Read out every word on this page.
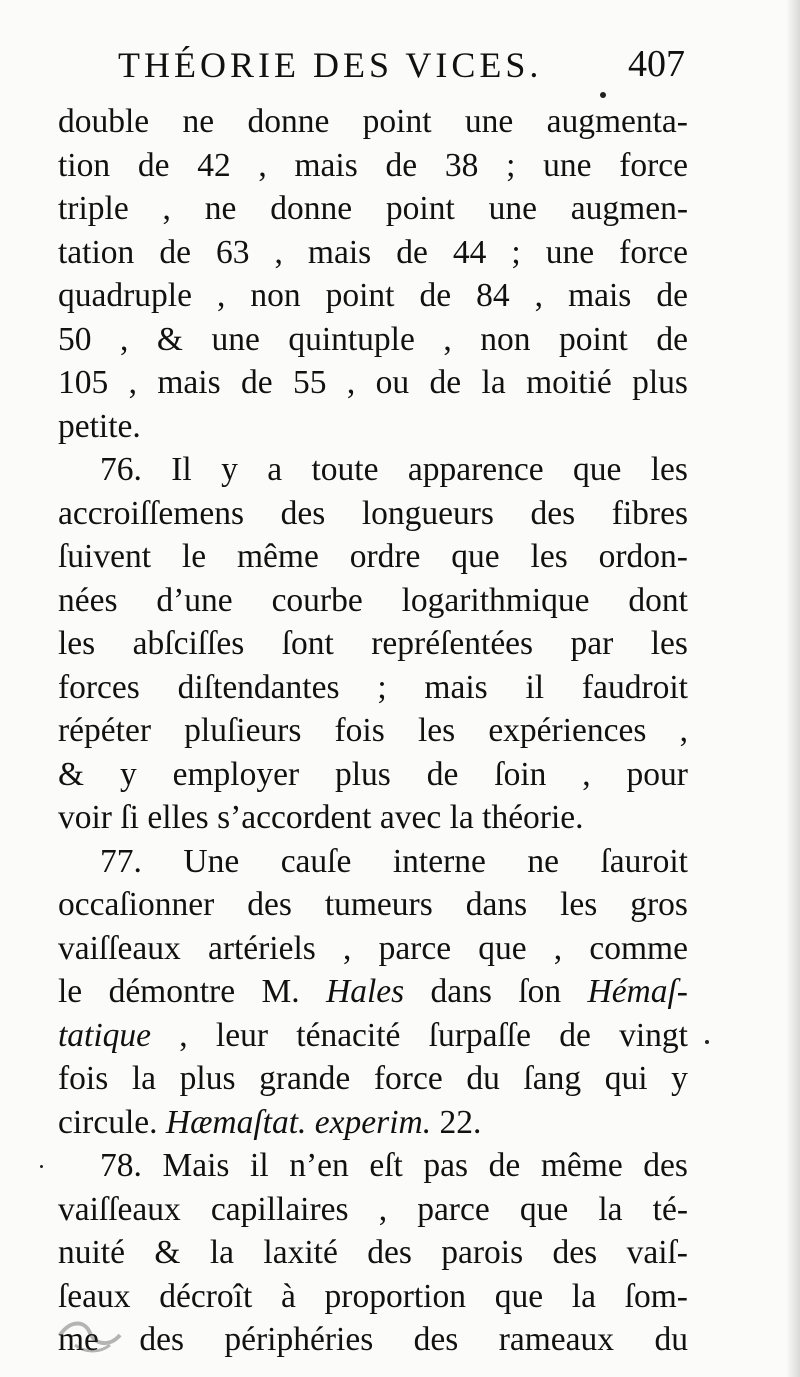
THÉORIE DES VICES. 407
double ne donne point une augmenta-
tion de 42 , mais de 38 ; une force
triple , ne donne point une augmen-
tation de 63 , mais de 44 ; une force
quadruple , non point de 84 , mais de
50 , & une quintuple , non point de
105 , mais de 55 , ou de la moitié plus
petite.
76. Il y a toute apparence que les
accroiſſemens des longueurs des fibres
ſuivent le même ordre que les ordon-
nées d’une courbe logarithmique dont
les abſciſſes ſont repréſentées par les
forces diſtendantes ; mais il faudroit
répéter pluſieurs fois les expériences ,
& y employer plus de ſoin , pour
voir ſi elles s’accordent avec la théorie.
77. Une cauſe interne ne ſauroit
occaſionner des tumeurs dans les gros
vaiſſeaux artériels , parce que , comme
le démontre M. Hales dans ſon Hémaſ-
tatique , leur ténacité ſurpaſſe de vingt
fois la plus grande force du ſang qui y
circule. Hæmaſtat. experim. 22.
78. Mais il n’en eſt pas de même des
vaiſſeaux capillaires , parce que la té-
nuité & la laxité des parois des vaiſ-
ſeaux décroît à proportion que la ſom-
me des périphéries des rameaux du
